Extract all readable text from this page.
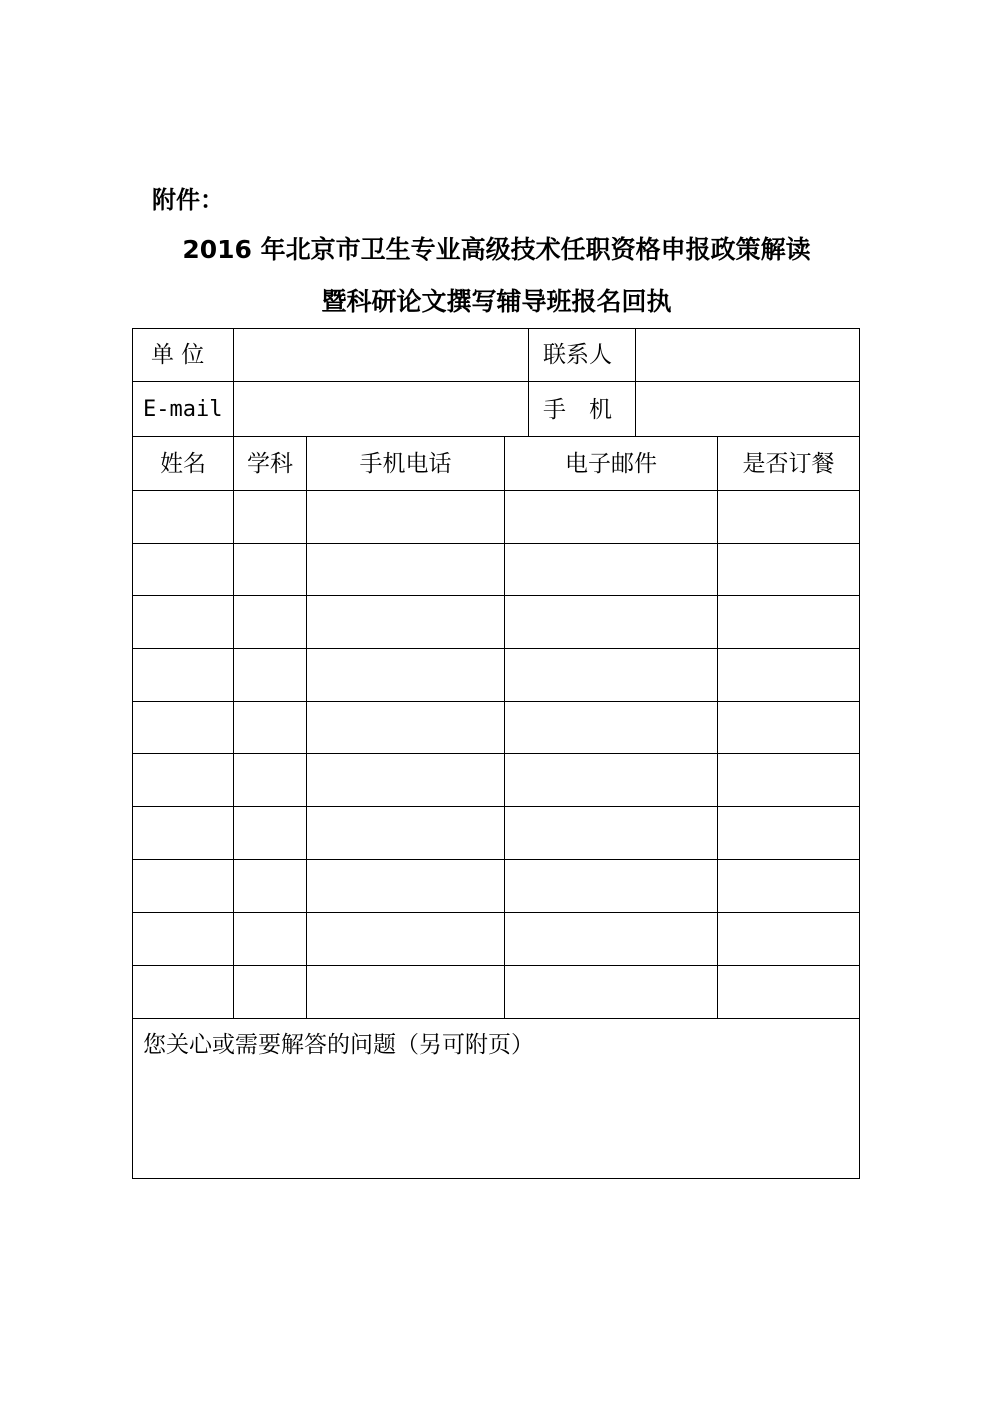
附件：
2016 年北京市卫生专业高级技术任职资格申报政策解读
暨科研论文撰写辅导班报名回执
单 位	联系人
E-mail	手　机
姓名	学科	手机电话	电子邮件	是否订餐
您关心或需要解答的问题（另可附页）
